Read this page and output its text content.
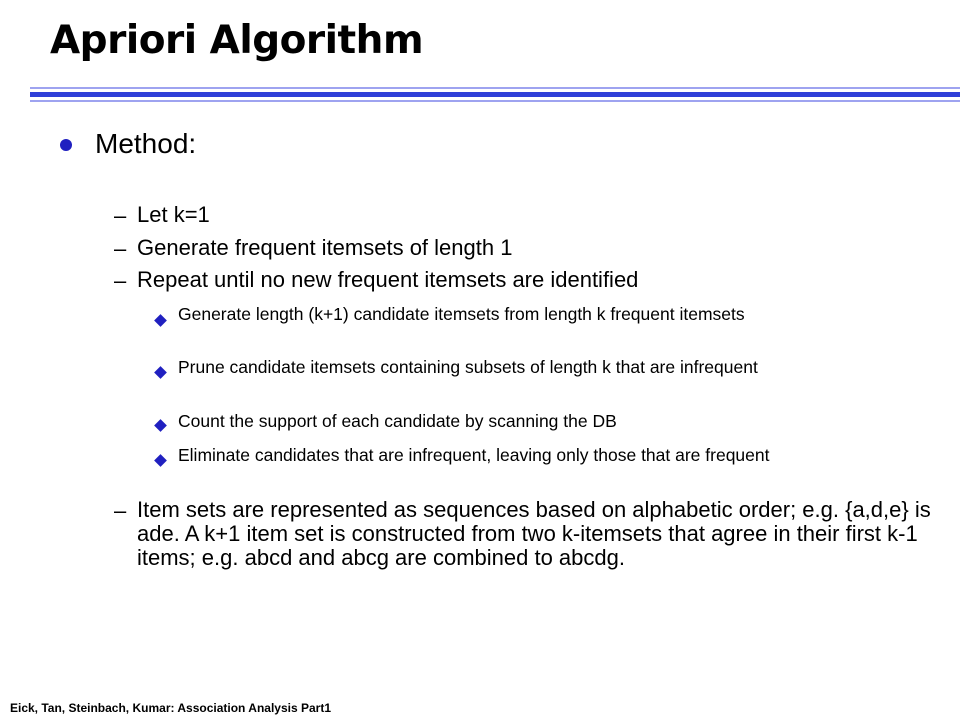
Apriori Algorithm
Method:
– Let k=1
– Generate frequent itemsets of length 1
– Repeat until no new frequent itemsets are identified
Generate length (k+1) candidate itemsets from length k frequent itemsets
Prune candidate itemsets containing subsets of length k that are infrequent
Count the support of each candidate by scanning the DB
Eliminate candidates that are infrequent, leaving only those that are frequent
– Item sets are represented as sequences based on alphabetic order; e.g. {a,d,e} is ade. A k+1 item set is constructed from two k-itemsets that agree in their first k-1 items; e.g. abcd and abcg are combined to abcdg.
Eick, Tan, Steinbach, Kumar: Association Analysis Part1
